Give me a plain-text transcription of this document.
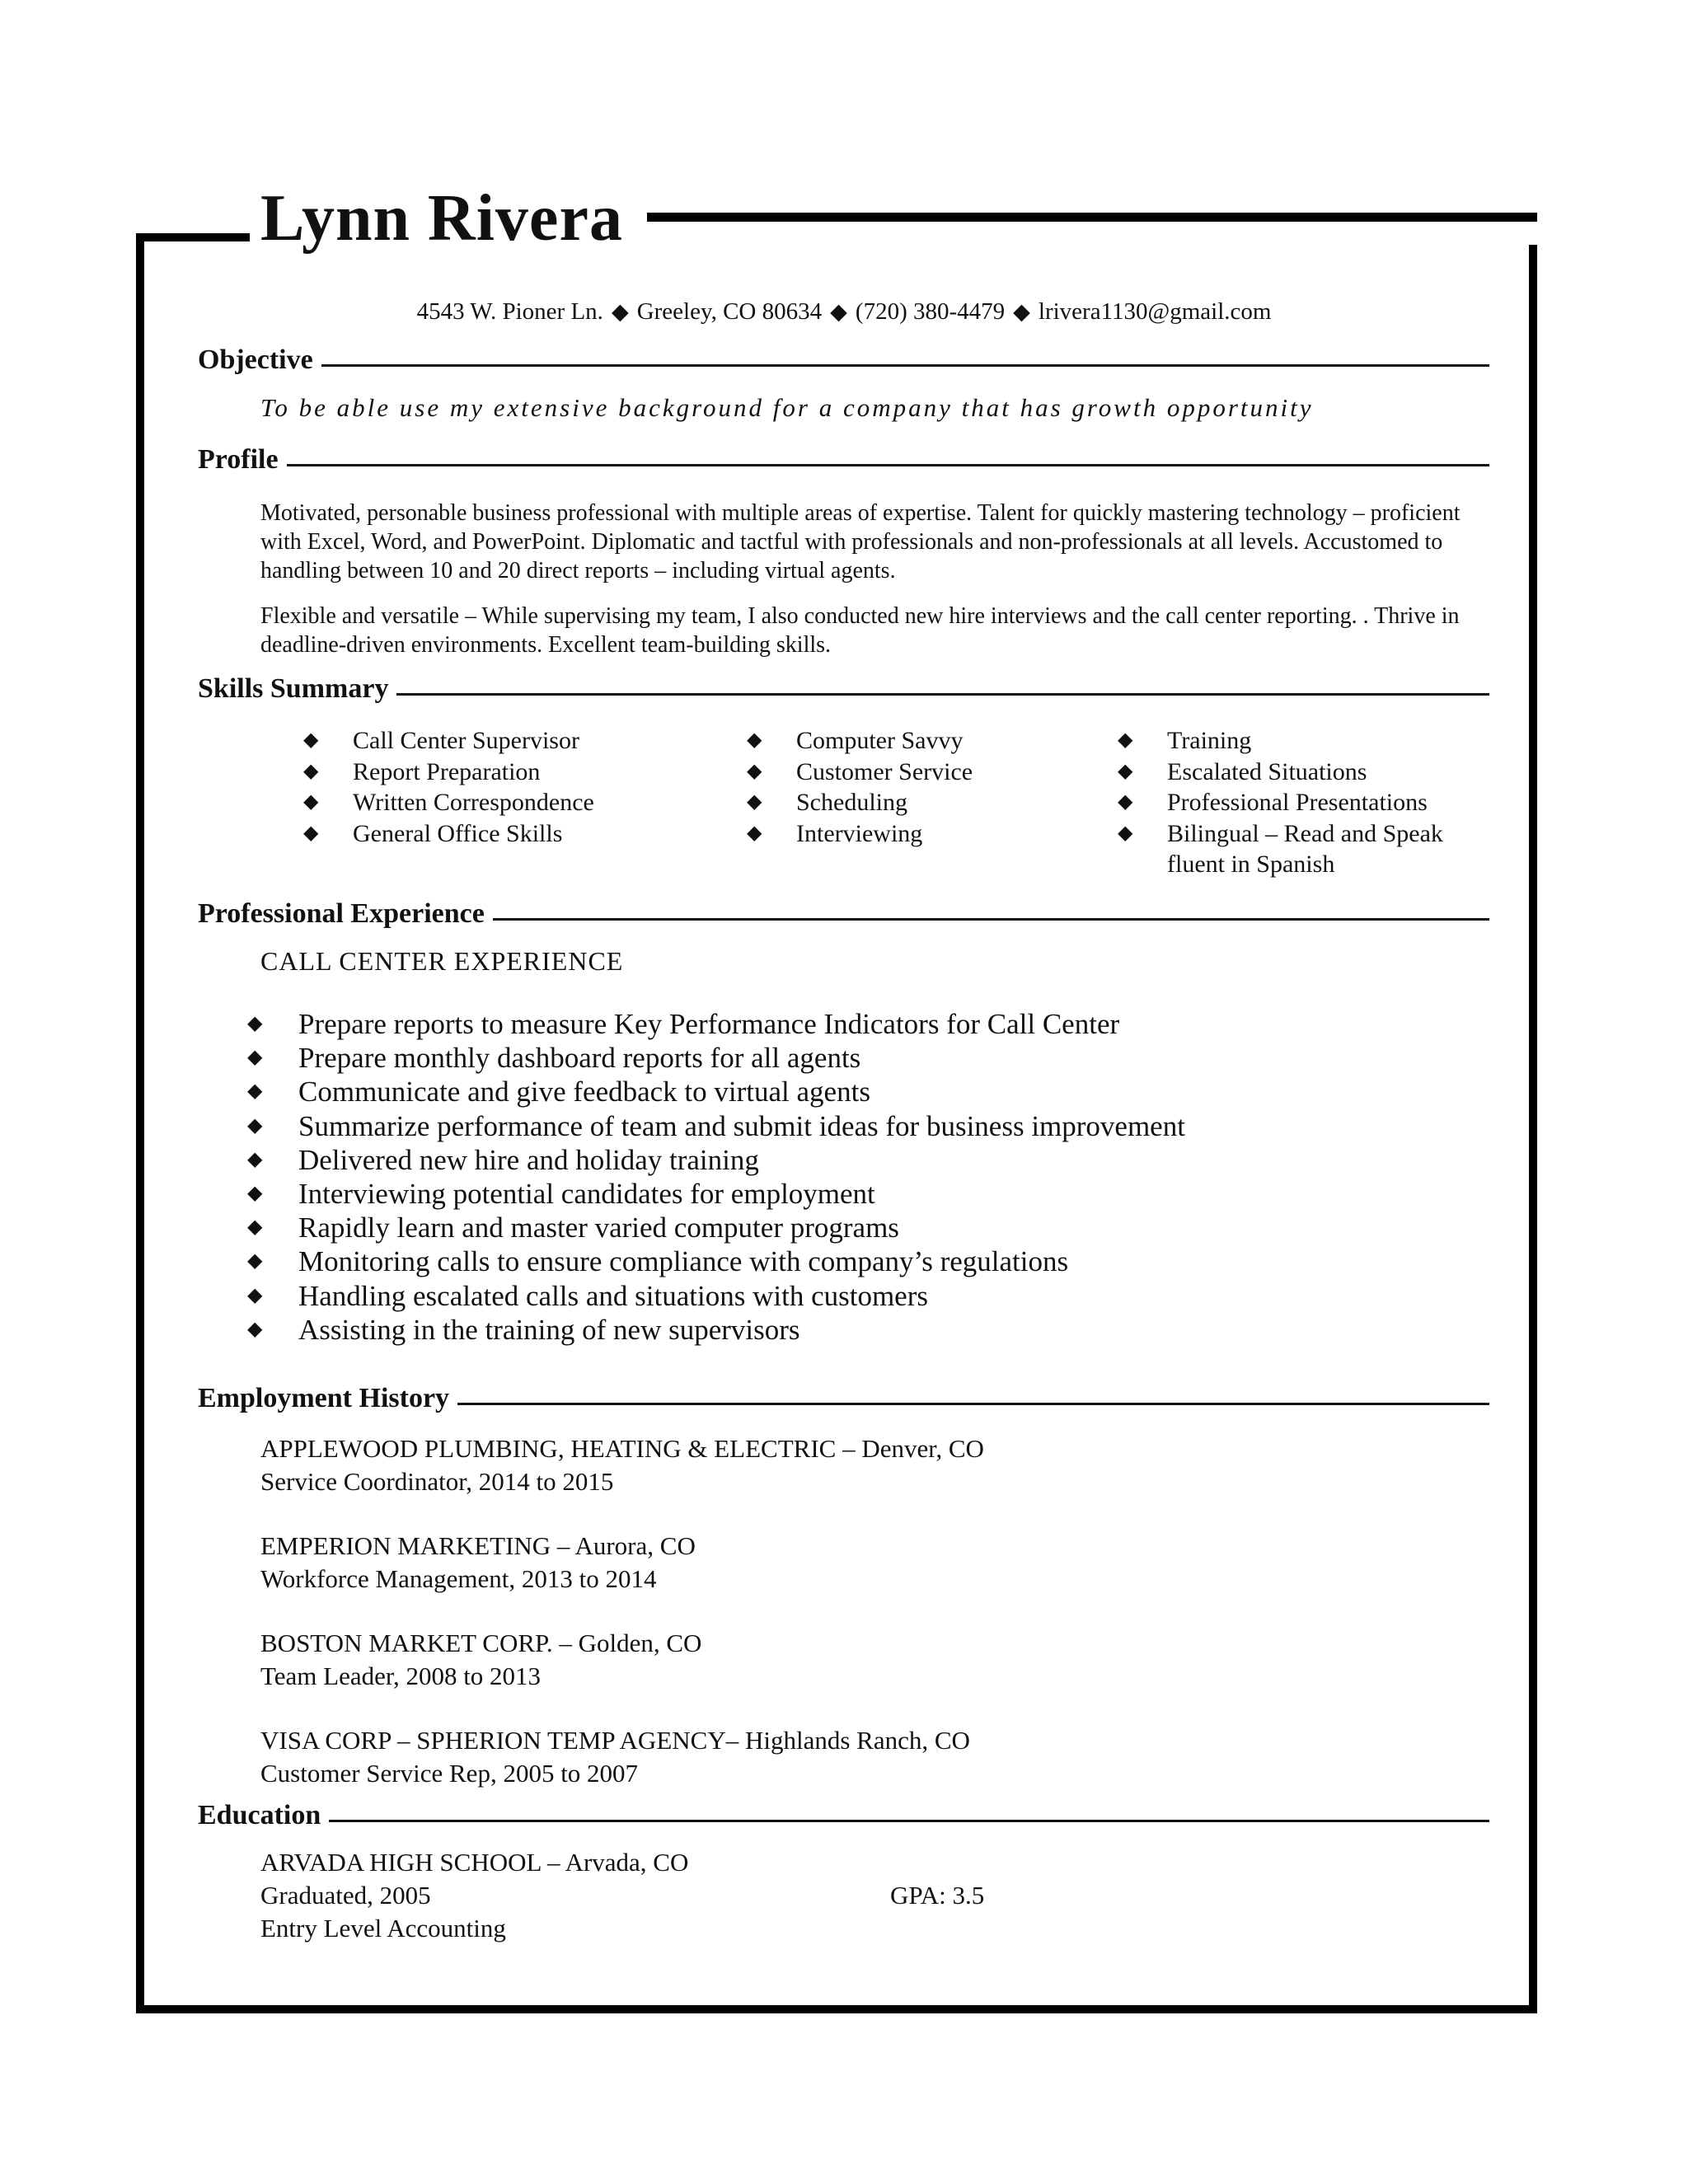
Lynn Rivera
4543 W. Pioner Ln. ◆ Greeley, CO 80634 ◆ (720) 380-4479 ◆ lrivera1130@gmail.com
Objective
To be able use my extensive background for a company that has growth opportunity
Profile
Motivated, personable business professional with multiple areas of expertise. Talent for quickly mastering technology – proficient with Excel, Word, and PowerPoint. Diplomatic and tactful with professionals and non-professionals at all levels. Accustomed to handling between 10 and 20 direct reports – including virtual agents.
Flexible and versatile – While supervising my team, I also conducted new hire interviews and the call center reporting. . Thrive in deadline-driven environments. Excellent team-building skills.
Skills Summary
◆	Call Center Supervisor
◆	Report Preparation
◆	Written Correspondence
◆	General Office Skills
◆	Computer Savvy
◆	Customer Service
◆	Scheduling
◆	Interviewing
◆	Training
◆	Escalated Situations
◆	Professional Presentations
◆	Bilingual – Read and Speak fluent in Spanish
Professional Experience
CALL CENTER EXPERIENCE
◆	Prepare reports to measure Key Performance Indicators for Call Center
◆	Prepare monthly dashboard reports for all agents
◆	Communicate and give feedback to virtual agents
◆	Summarize performance of team and submit ideas for business improvement
◆	Delivered new hire and holiday training
◆	Interviewing potential candidates for employment
◆	Rapidly learn and master varied computer programs
◆	Monitoring calls to ensure compliance with company’s regulations
◆	Handling escalated calls and situations with customers
◆	Assisting in the training of new supervisors
Employment History
APPLEWOOD PLUMBING, HEATING & ELECTRIC – Denver, CO
Service Coordinator, 2014 to 2015
EMPERION MARKETING – Aurora, CO
Workforce Management, 2013 to 2014
BOSTON MARKET CORP. – Golden, CO
Team Leader, 2008 to 2013
VISA CORP – SPHERION TEMP AGENCY– Highlands Ranch, CO
Customer Service Rep, 2005 to 2007
Education
ARVADA HIGH SCHOOL – Arvada, CO
Graduated, 2005
Entry Level Accounting
GPA: 3.5
